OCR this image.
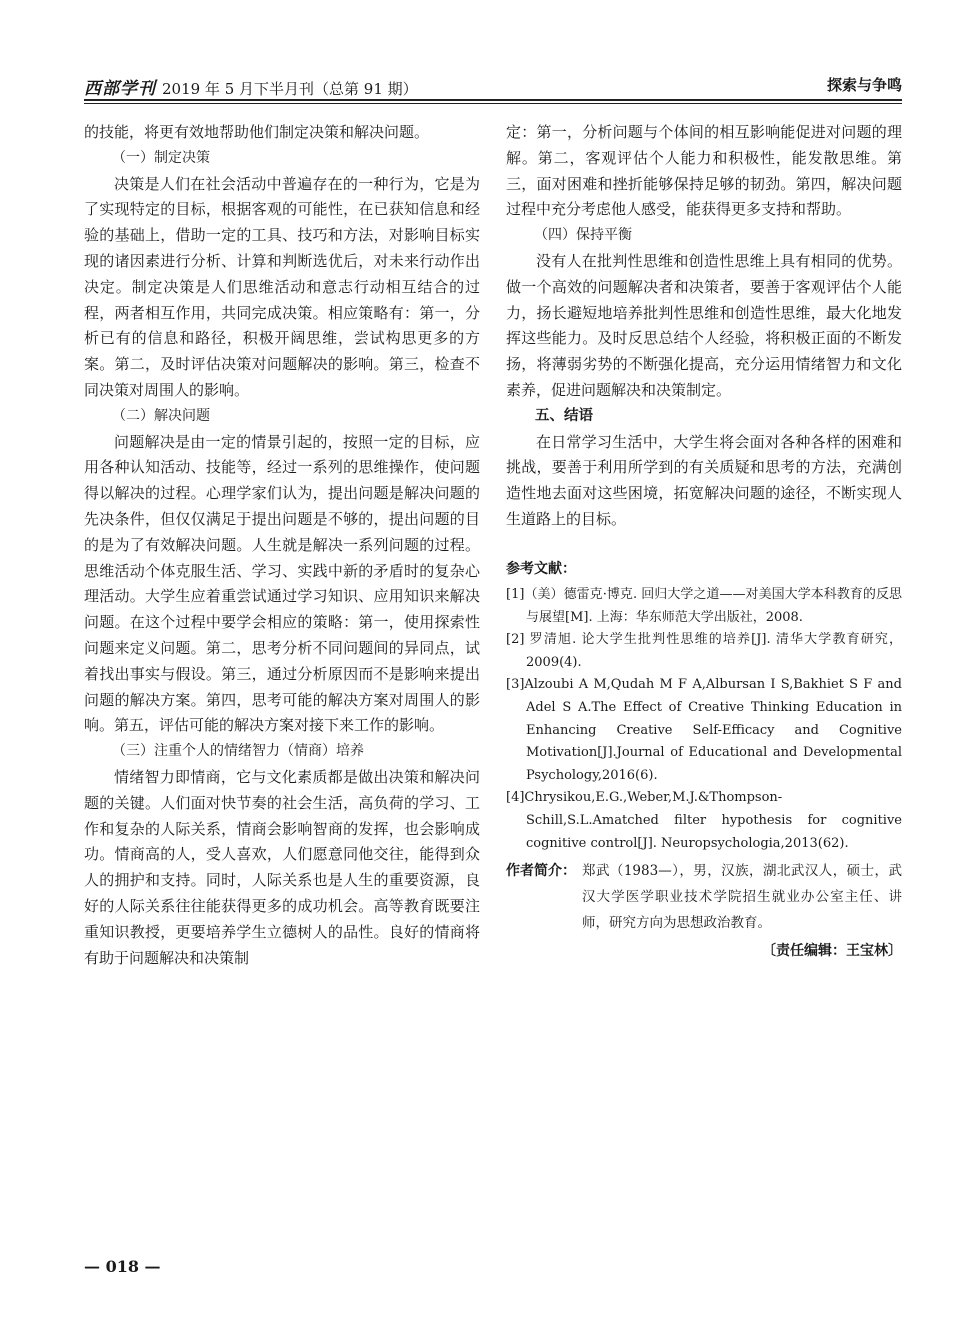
西部学刊 2019 年 5 月下半月刊（总第 91 期）	探索与争鸣

的技能，将更有效地帮助他们制定决策和解决问题。

（一）制定决策

决策是人们在社会活动中普遍存在的一种行为，它是为了实现特定的目标，根据客观的可能性，在已获知信息和经验的基础上，借助一定的工具、技巧和方法，对影响目标实现的诸因素进行分析、计算和判断选优后，对未来行动作出决定。制定决策是人们思维活动和意志行动相互结合的过程，两者相互作用，共同完成决策。相应策略有：第一，分析已有的信息和路径，积极开阔思维，尝试构思更多的方案。第二，及时评估决策对问题解决的影响。第三，检查不同决策对周围人的影响。

（二）解决问题

问题解决是由一定的情景引起的，按照一定的目标，应用各种认知活动、技能等，经过一系列的思维操作，使问题得以解决的过程。心理学家们认为，提出问题是解决问题的先决条件，但仅仅满足于提出问题是不够的，提出问题的目的是为了有效解决问题。人生就是解决一系列问题的过程。思维活动个体克服生活、学习、实践中新的矛盾时的复杂心理活动。大学生应着重尝试通过学习知识、应用知识来解决问题。在这个过程中要学会相应的策略：第一，使用探索性问题来定义问题。第二，思考分析不同问题间的异同点，试着找出事实与假设。第三，通过分析原因而不是影响来提出问题的解决方案。第四，思考可能的解决方案对周围人的影响。第五，评估可能的解决方案对接下来工作的影响。

（三）注重个人的情绪智力（情商）培养

情绪智力即情商，它与文化素质都是做出决策和解决问题的关键。人们面对快节奏的社会生活，高负荷的学习、工作和复杂的人际关系，情商会影响智商的发挥，也会影响成功。情商高的人，受人喜欢，人们愿意同他交往，能得到众人的拥护和支持。同时，人际关系也是人生的重要资源，良好的人际关系往往能获得更多的成功机会。高等教育既要注重知识教授，更要培养学生立德树人的品性。良好的情商将有助于问题解决和决策制

定：第一，分析问题与个体间的相互影响能促进对问题的理解。第二，客观评估个人能力和积极性，能发散思维。第三，面对困难和挫折能够保持足够的韧劲。第四，解决问题过程中充分考虑他人感受，能获得更多支持和帮助。

（四）保持平衡

没有人在批判性思维和创造性思维上具有相同的优势。做一个高效的问题解决者和决策者，要善于客观评估个人能力，扬长避短地培养批判性思维和创造性思维，最大化地发挥这些能力。及时反思总结个人经验，将积极正面的不断发扬，将薄弱劣势的不断强化提高，充分运用情绪智力和文化素养，促进问题解决和决策制定。

五、结语

在日常学习生活中，大学生将会面对各种各样的困难和挑战，要善于利用所学到的有关质疑和思考的方法，充满创造性地去面对这些困境，拓宽解决问题的途径，不断实现人生道路上的目标。

参考文献：

[1]（美）德雷克·博克. 回归大学之道——对美国大学本科教育的反思与展望[M]. 上海：华东师范大学出版社，2008.

[2] 罗清旭. 论大学生批判性思维的培养[J]. 清华大学教育研究，2009(4).

[3]Alzoubi A M,Qudah M F A,Albursan I S,Bakhiet S F and Adel S A.The Effect of Creative Thinking Education in Enhancing Creative Self-Efficacy and Cognitive Motivation[J].Journal of Educational and Developmental Psychology,2016(6).

[4]Chrysikou,E.G.,Weber,M.J.&Thompson-Schill,S.L.Amatched filter hypothesis for cognitive cognitive control[J]. Neuropsychologia,2013(62).

作者简介： 郑武（1983—），男，汉族，湖北武汉人，硕士，武汉大学医学职业技术学院招生就业办公室主任、讲师，研究方向为思想政治教育。
〔责任编辑：王宝林〕
— 018 —
